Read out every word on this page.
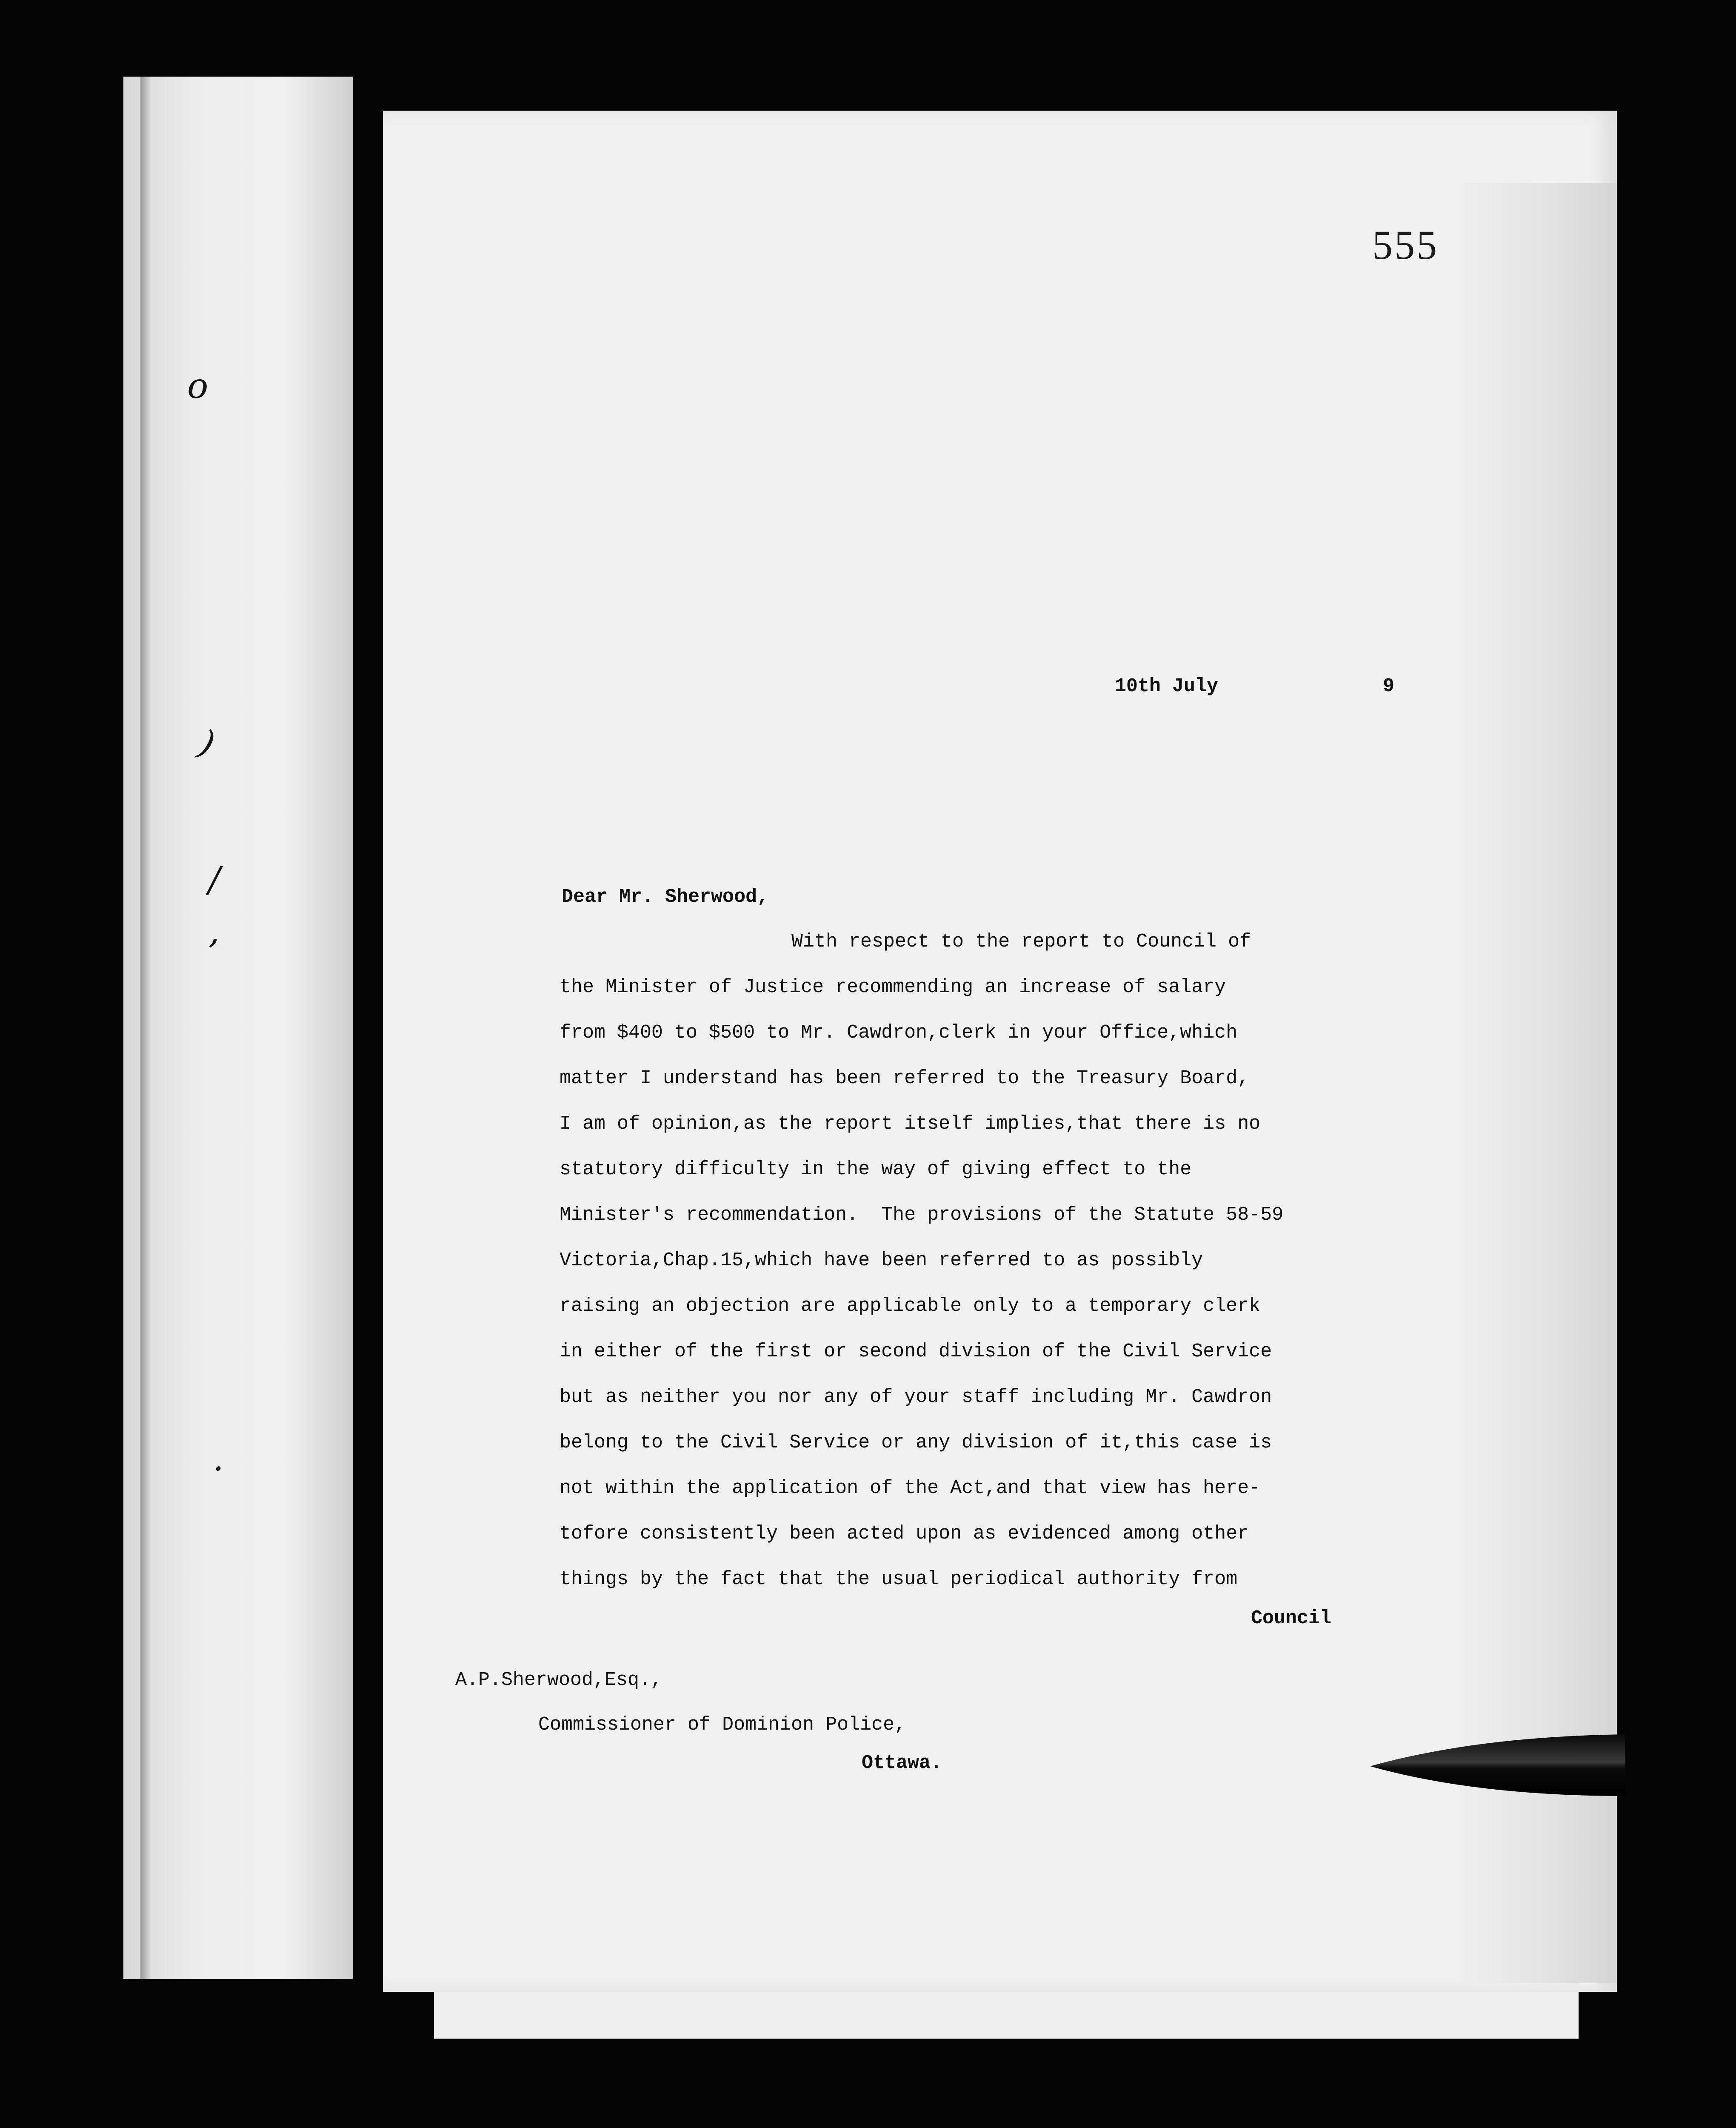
o
)
/
,
.
555
10th July	9
Dear Mr. Sherwood,
With respect to the report to Council of
the Minister of Justice recommending an increase of salary
from $400 to $500 to Mr. Cawdron,clerk in your Office,which
matter I understand has been referred to the Treasury Board,
I am of opinion,as the report itself implies,that there is no
statutory difficulty in the way of giving effect to the
Minister's recommendation.  The provisions of the Statute 58-59
Victoria,Chap.15,which have been referred to as possibly
raising an objection are applicable only to a temporary clerk
in either of the first or second division of the Civil Service
but as neither you nor any of your staff including Mr. Cawdron
belong to the Civil Service or any division of it,this case is
not within the application of the Act,and that view has here-
tofore consistently been acted upon as evidenced among other
things by the fact that the usual periodical authority from
Council
A.P.Sherwood,Esq.,
Commissioner of Dominion Police,
Ottawa.
